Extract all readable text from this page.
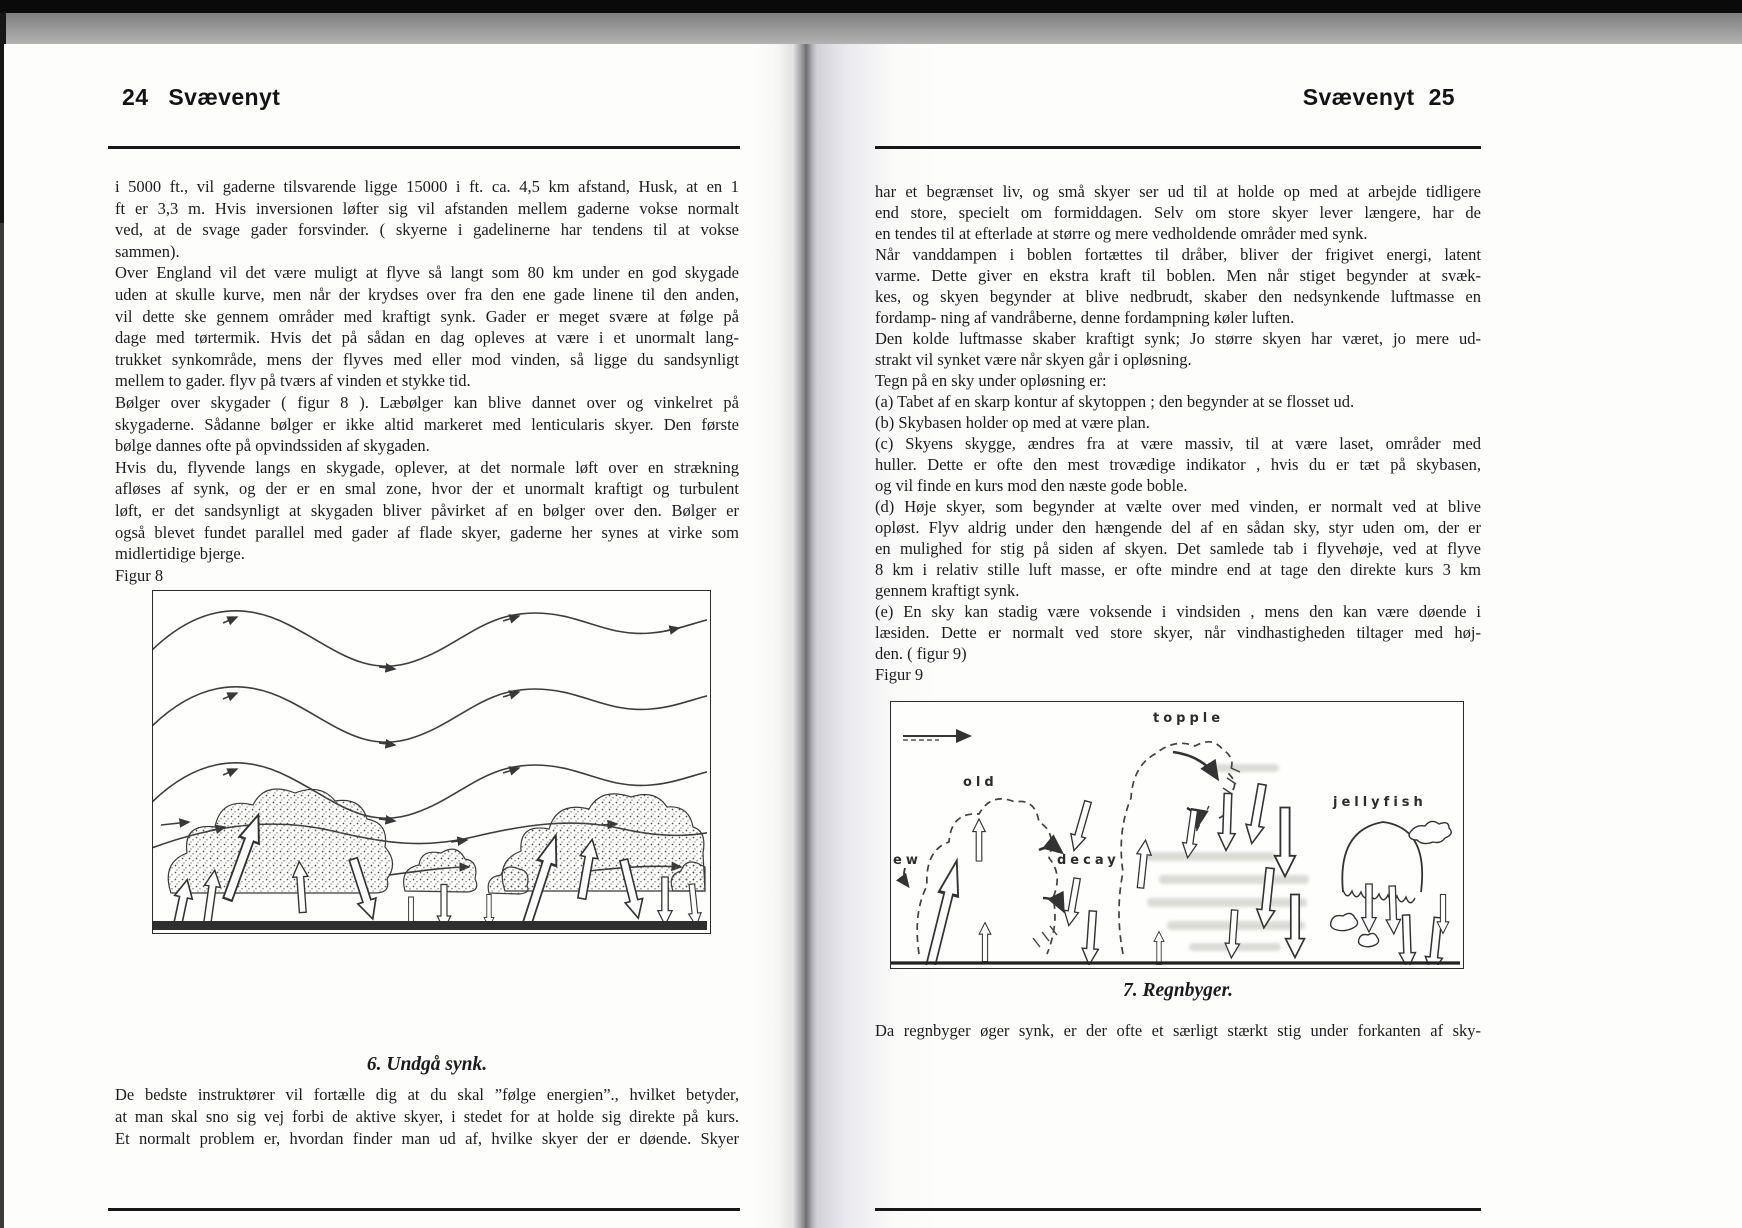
24 Svævenyt
i 5000 ft., vil gaderne tilsvarende ligge 15000 i ft. ca. 4,5 km afstand, Husk, at en 1
ft er 3,3 m. Hvis inversionen løfter sig vil afstanden mellem gaderne vokse normalt
ved, at de svage gader forsvinder. ( skyerne i gadelinerne har tendens til at vokse
sammen).
Over England vil det være muligt at flyve så langt som 80 km under en god skygade
uden at skulle kurve, men når der krydses over fra den ene gade linene til den anden,
vil dette ske gennem områder med kraftigt synk. Gader er meget svære at følge på
dage med tørtermik. Hvis det på sådan en dag opleves at være i et unormalt lang-
trukket synkområde, mens der flyves med eller mod vinden, så ligge du sandsynligt
mellem to gader. flyv på tværs af vinden et stykke tid.
Bølger over skygader ( figur 8 ). Læbølger kan blive dannet over og vinkelret på
skygaderne. Sådanne bølger er ikke altid markeret med lenticularis skyer. Den første
bølge dannes ofte på opvindssiden af skygaden.
Hvis du, flyvende langs en skygade, oplever, at det normale løft over en strækning
afløses af synk, og der er en smal zone, hvor der et unormalt kraftigt og turbulent
løft, er det sandsynligt at skygaden bliver påvirket af en bølger over den. Bølger er
også blevet fundet parallel med gader af flade skyer, gaderne her synes at virke som
midlertidige bjerge.
Figur 8
6. Undgå synk.
De bedste instruktører vil fortælle dig at du skal ”følge energien”., hvilket betyder,
at man skal sno sig vej forbi de aktive skyer, i stedet for at holde sig direkte på kurs.
Et normalt problem er, hvordan finder man ud af, hvilke skyer der er døende. Skyer
Svævenyt 25
har et begrænset liv, og små skyer ser ud til at holde op med at arbejde tidligere
end store, specielt om formiddagen. Selv om store skyer lever længere, har de
en tendes til at efterlade at større og mere vedholdende områder med synk.
Når vanddampen i boblen fortættes til dråber, bliver der frigivet energi, latent
varme. Dette giver en ekstra kraft til boblen. Men når stiget begynder at svæk-
kes, og skyen begynder at blive nedbrudt, skaber den nedsynkende luftmasse en
fordamp- ning af vandråberne, denne fordampning køler luften.
Den kolde luftmasse skaber kraftigt synk; Jo større skyen har været, jo mere ud-
strakt vil synket være når skyen går i opløsning.
Tegn på en sky under opløsning er:
(a) Tabet af en skarp kontur af skytoppen ; den begynder at se flosset ud.
(b) Skybasen holder op med at være plan.
(c) Skyens skygge, ændres fra at være massiv, til at være laset, områder med
huller. Dette er ofte den mest trovædige indikator , hvis du er tæt på skybasen,
og vil finde en kurs mod den næste gode boble.
(d) Høje skyer, som begynder at vælte over med vinden, er normalt ved at blive
opløst. Flyv aldrig under den hængende del af en sådan sky, styr uden om, der er
en mulighed for stig på siden af skyen. Det samlede tab i flyvehøje, ved at flyve
8 km i relativ stille luft masse, er ofte mindre end at tage den direkte kurs 3 km
gennem kraftigt synk.
(e) En sky kan stadig være voksende i vindsiden , mens den kan være døende i
læsiden. Dette er normalt ved store skyer, når vindhastigheden tiltager med høj-
den. ( figur 9)
Figur 9
old
ew	decay
topple
jellyfish
7. Regnbyger.
Da regnbyger øger synk, er der ofte et særligt stærkt stig under forkanten af sky-
